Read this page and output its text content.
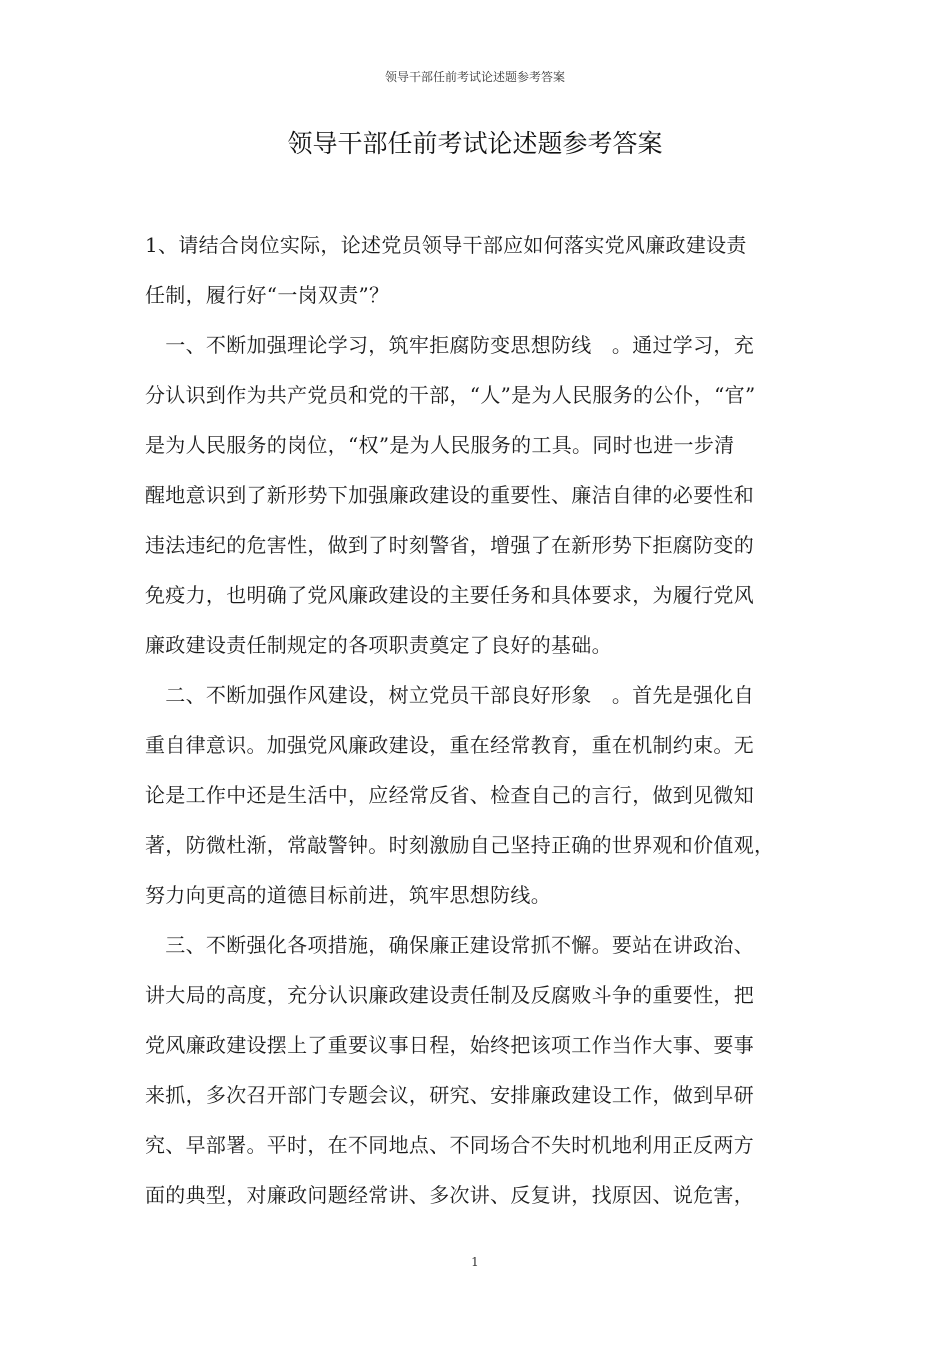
领导干部任前考试论述题参考答案
领导干部任前考试论述题参考答案
1、请结合岗位实际，论述党员领导干部应如何落实党风廉政建设责
任制，履行好“一岗双责”？
　一、不断加强理论学习，筑牢拒腐防变思想防线　。通过学习，充
分认识到作为共产党员和党的干部，“人”是为人民服务的公仆，“官”
是为人民服务的岗位，“权”是为人民服务的工具。同时也进一步清
醒地意识到了新形势下加强廉政建设的重要性、廉洁自律的必要性和
违法违纪的危害性，做到了时刻警省，增强了在新形势下拒腐防变的
免疫力，也明确了党风廉政建设的主要任务和具体要求，为履行党风
廉政建设责任制规定的各项职责奠定了良好的基础。
　二、不断加强作风建设，树立党员干部良好形象　。首先是强化自
重自律意识。加强党风廉政建设，重在经常教育，重在机制约束。无
论是工作中还是生活中，应经常反省、检查自己的言行，做到见微知
著，防微杜渐，常敲警钟。时刻激励自己坚持正确的世界观和价值观，
努力向更高的道德目标前进，筑牢思想防线。
　三、不断强化各项措施，确保廉正建设常抓不懈。要站在讲政治、
讲大局的高度，充分认识廉政建设责任制及反腐败斗争的重要性，把
党风廉政建设摆上了重要议事日程，始终把该项工作当作大事、要事
来抓，多次召开部门专题会议，研究、安排廉政建设工作，做到早研
究、早部署。平时，在不同地点、不同场合不失时机地利用正反两方
面的典型，对廉政问题经常讲、多次讲、反复讲，找原因、说危害，
1
